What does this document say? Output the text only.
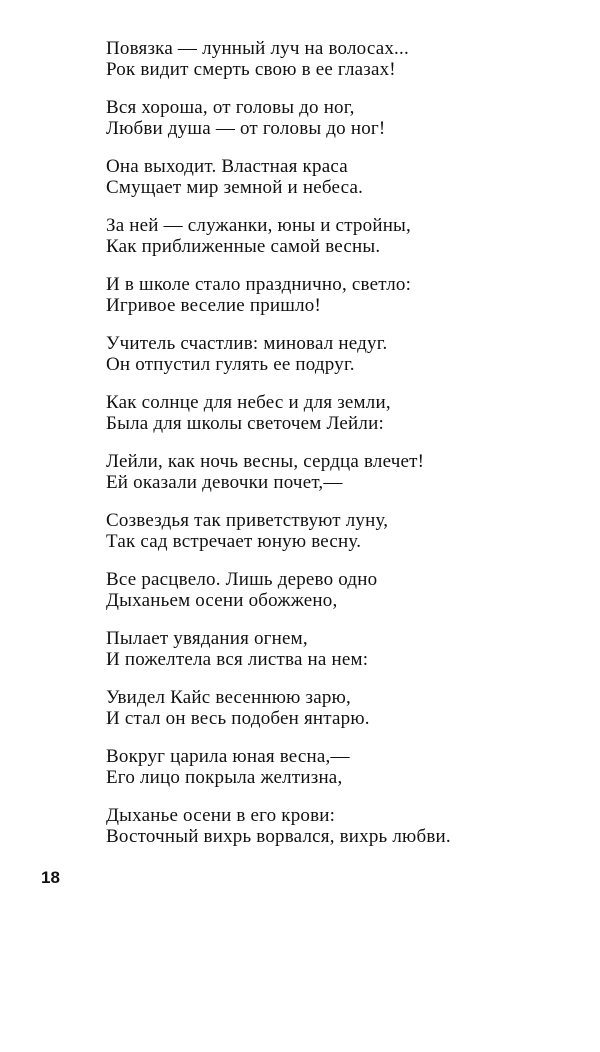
Повязка — лунный луч на волосах...
Рок видит смерть свою в ее глазах!
Вся хороша, от головы до ног,
Любви душа — от головы до ног!
Она выходит. Властная краса
Смущает мир земной и небеса.
За ней — служанки, юны и стройны,
Как приближенные самой весны.
И в школе стало празднично, светло:
Игривое веселие пришло!
Учитель счастлив: миновал недуг.
Он отпустил гулять ее подруг.
Как солнце для небес и для земли,
Была для школы светочем Лейли:
Лейли, как ночь весны, сердца влечет!
Ей оказали девочки почет,—
Созвездья так приветствуют луну,
Так сад встречает юную весну.
Все расцвело. Лишь дерево одно
Дыханьем осени обожжено,
Пылает увядания огнем,
И пожелтела вся листва на нем:
Увидел Кайс весеннюю зарю,
И стал он весь подобен янтарю.
Вокруг царила юная весна,—
Его лицо покрыла желтизна,
Дыханье осени в его крови:
Восточный вихрь ворвался, вихрь любви.
18
